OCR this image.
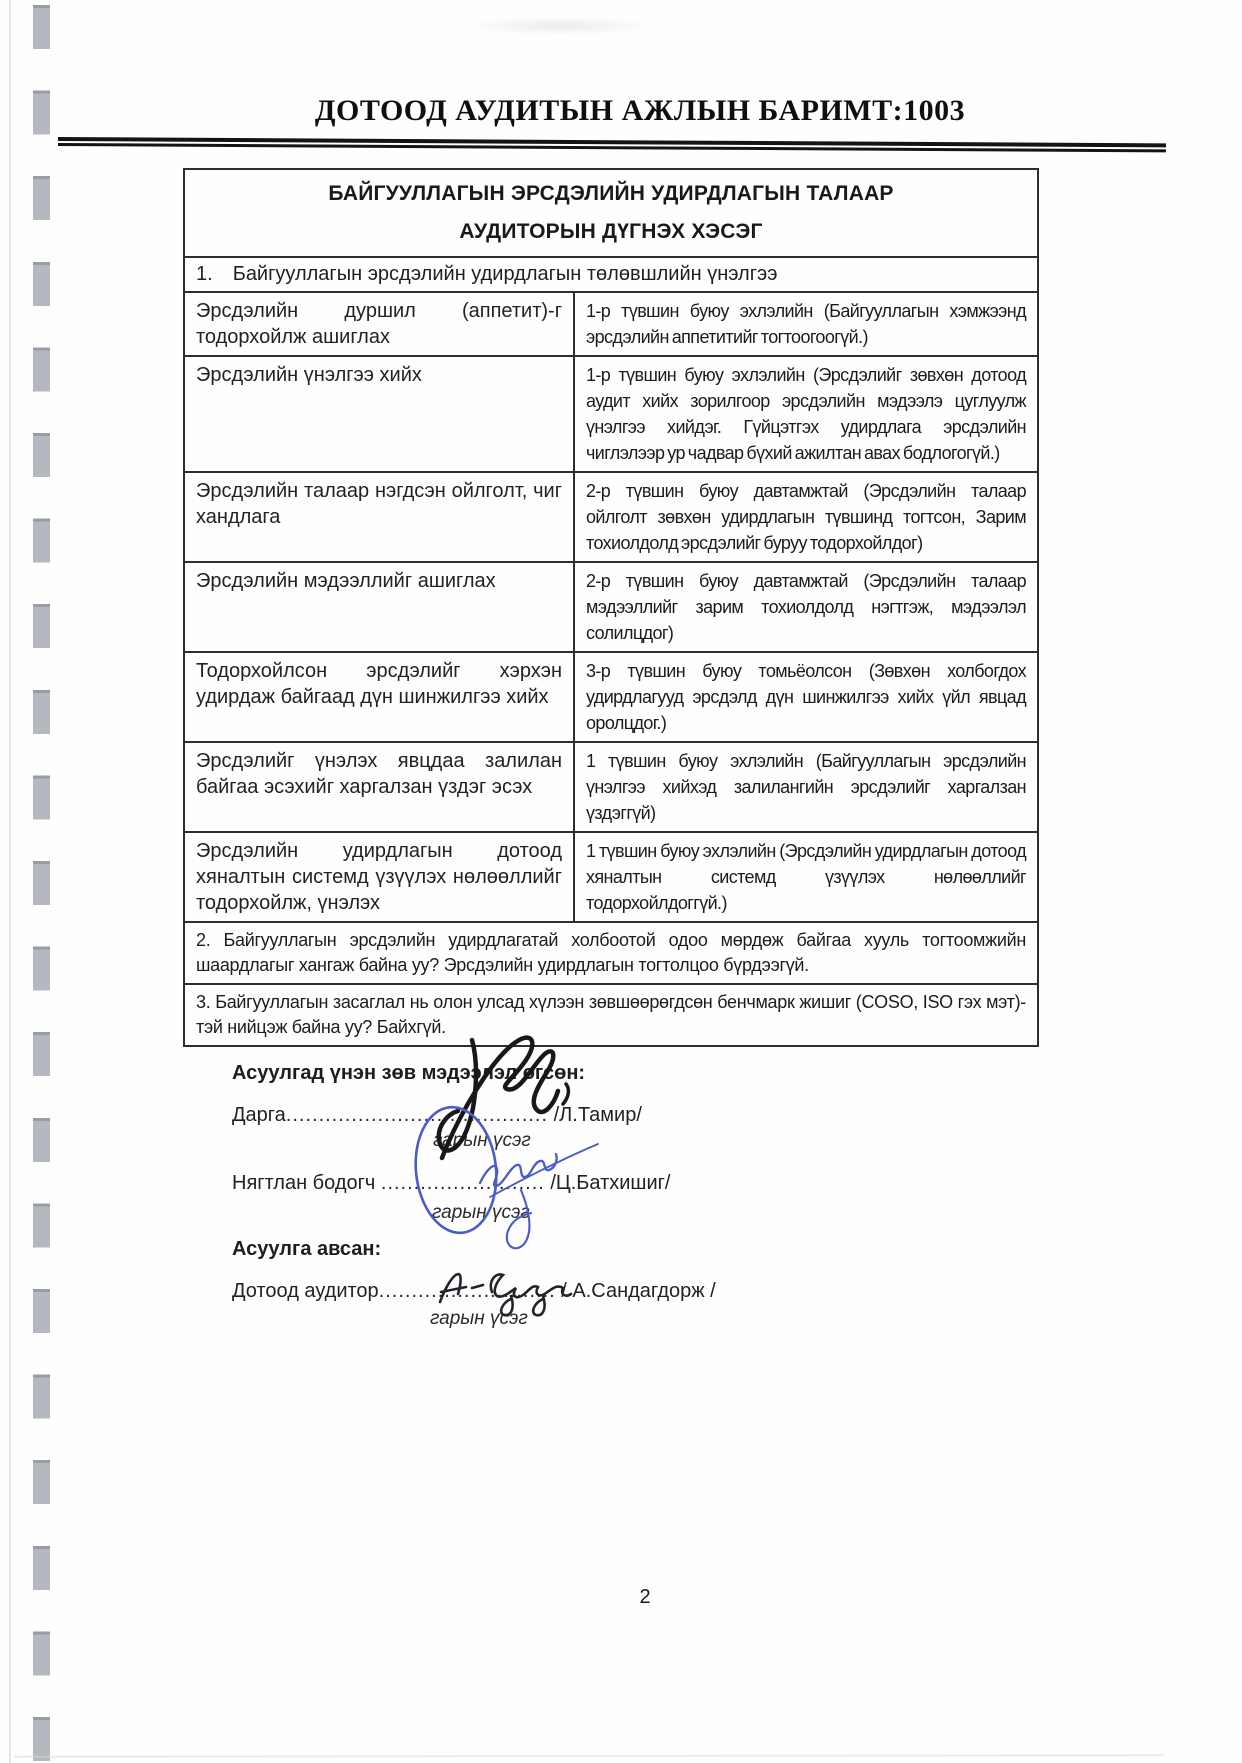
ДОТООД АУДИТЫН АЖЛЫН БАРИМТ:1003
БАЙГУУЛЛАГЫН ЭРСДЭЛИЙН УДИРДЛАГЫН ТАЛААР
АУДИТОРЫН ДҮГНЭХ ХЭСЭГ	

1. Байгууллагын эрсдэлийн удирдлагын төлөвшлийн үнэлгээ	
Эрсдэлийн дуршил (аппетит)-г тодорхойлж ашиглах	1-р түвшин буюу эхлэлийн (Байгууллагын хэмжээнд эрсдэлийн аппетитийг тогтоогоогүй.)
Эрсдэлийн үнэлгээ хийх	1-р түвшин буюу эхлэлийн (Эрсдэлийг зөвхөн дотоод аудит хийх зорилгоор эрсдэлийн мэдээлэ цуглуулж үнэлгээ хийдэг. Гүйцэтгэх удирдлага эрсдэлийн чиглэлээр ур чадвар бүхий ажилтан авах бодлогогүй.)
Эрсдэлийн талаар нэгдсэн ойлголт, чиг хандлага	2-р түвшин буюу давтамжтай (Эрсдэлийн талаар ойлголт зөвхөн удирдлагын түвшинд тогтсон, Зарим тохиолдолд эрсдэлийг буруу тодорхойлдог)
Эрсдэлийн мэдээллийг ашиглах	2-р түвшин буюу давтамжтай (Эрсдэлийн талаар мэдээллийг зарим тохиолдолд нэгтгэж, мэдээлэл солилцдог)
Тодорхойлсон эрсдэлийг хэрхэн удирдаж байгаад дүн шинжилгээ хийх	3-р түвшин буюу томьёолсон (Зөвхөн холбогдох удирдлагууд эрсдэлд дүн шинжилгээ хийх үйл явцад оролцдог.)
Эрсдэлийг үнэлэх явцдаа залилан байгаа эсэхийг харгалзан үздэг эсэх	1 түвшин буюу эхлэлийн (Байгууллагын эрсдэлийн үнэлгээ хийхэд залилангийн эрсдэлийг харгалзан үздэггүй)
Эрсдэлийн удирдлагын дотоод хяналтын системд үзүүлэх нөлөөллийг тодорхойлж, үнэлэх	1 түвшин буюу эхлэлийн (Эрсдэлийн удирдлагын дотоод хяналтын системд үзүүлэх нөлөөллийг тодорхойлдоггүй.)
2. Байгууллагын эрсдэлийн удирдлагатай холбоотой одоо мөрдөж байгаа хууль тогтоомжийн шаардлагыг хангаж байна уу? Эрсдэлийн удирдлагын тогтолцоо бүрдээгүй.	
3. Байгууллагын засаглал нь олон улсад хүлээн зөвшөөрөгдсөн бенчмарк жишиг (COSO, ISO гэх мэт)-тэй нийцэж байна уу? Байхгүй.	
Асуулгад үнэн зөв мэдээлэл өгсөн:
Дарга........................................ /Л.Тамир/
гарын үсэг
Нягтлан бодогч ......................... /Ц.Батхишиг/
гарын үсэг
Асуулга авсан:
Дотоод аудитор........................... / А.Сандагдорж /
гарын үсэг
2
